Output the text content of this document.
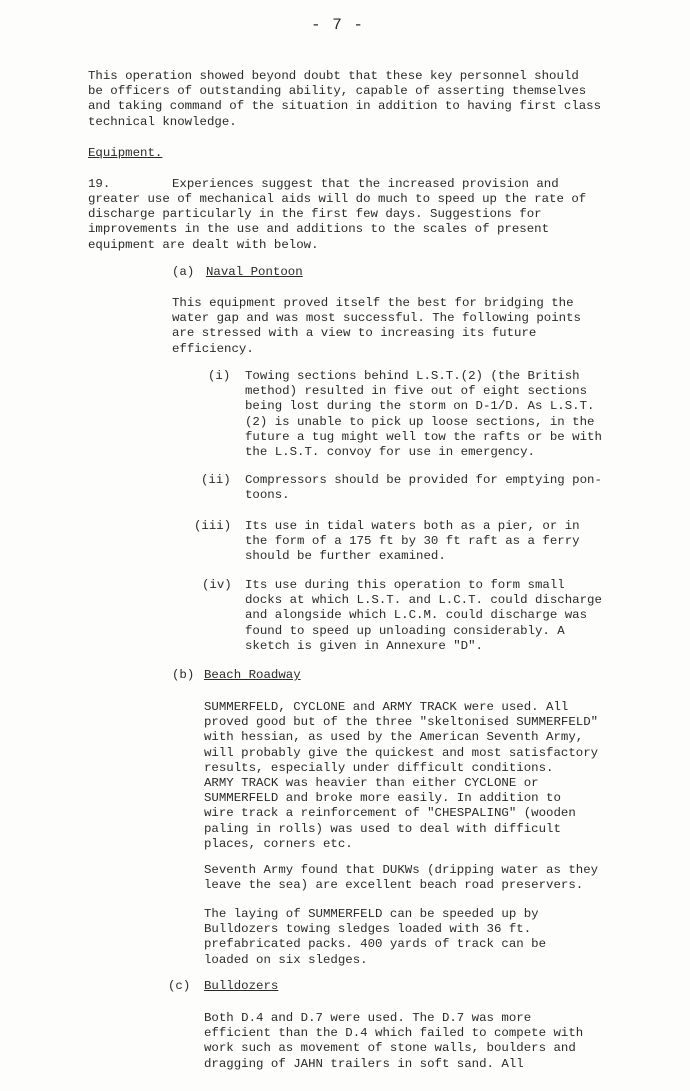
- 7 -

This operation showed beyond doubt that these key personnel should
be officers of outstanding ability, capable of asserting themselves
and taking command of the situation in addition to having first class
technical knowledge.

Equipment.

19.	Experiences suggest that the increased provision and

greater use of mechanical aids will do much to speed up the rate of
discharge particularly in the first few days. Suggestions for
improvements in the use and additions to the scales of present
equipment are dealt with below.

(a) Naval Pontoon

This equipment proved itself the best for bridging the
water gap and was most successful. The following points
are stressed with a view to increasing its future
efficiency.

(i) Towing sections behind L.S.T.(2) (the British
method) resulted in five out of eight sections
being lost during the storm on D-1/D. As L.S.T.
(2) is unable to pick up loose sections, in the
future a tug might well tow the rafts or be with
the L.S.T. convoy for use in emergency.

(ii) Compressors should be provided for emptying pon-
toons.

(iii) Its use in tidal waters both as a pier, or in
the form of a 175 ft by 30 ft raft as a ferry
should be further examined.

(iv) Its use during this operation to form small
docks at which L.S.T. and L.C.T. could discharge
and alongside which L.C.M. could discharge was
found to speed up unloading considerably. A
sketch is given in Annexure "D".

(b) Beach Roadway

SUMMERFELD, CYCLONE and ARMY TRACK were used. All
proved good but of the three "skeltonised SUMMERFELD"
with hessian, as used by the American Seventh Army,
will probably give the quickest and most satisfactory
results, especially under difficult conditions.
ARMY TRACK was heavier than either CYCLONE or
SUMMERFELD and broke more easily. In addition to
wire track a reinforcement of "CHESPALING" (wooden
paling in rolls) was used to deal with difficult
places, corners etc.

Seventh Army found that DUKWs (dripping water as they
leave the sea) are excellent beach road preservers.

The laying of SUMMERFELD can be speeded up by
Bulldozers towing sledges loaded with 36 ft.
prefabricated packs. 400 yards of track can be
loaded on six sledges.

(c) Bulldozers

Both D.4 and D.7 were used. The D.7 was more
efficient than the D.4 which failed to compete with
work such as movement of stone walls, boulders and
dragging of JAHN trailers in soft sand. All
